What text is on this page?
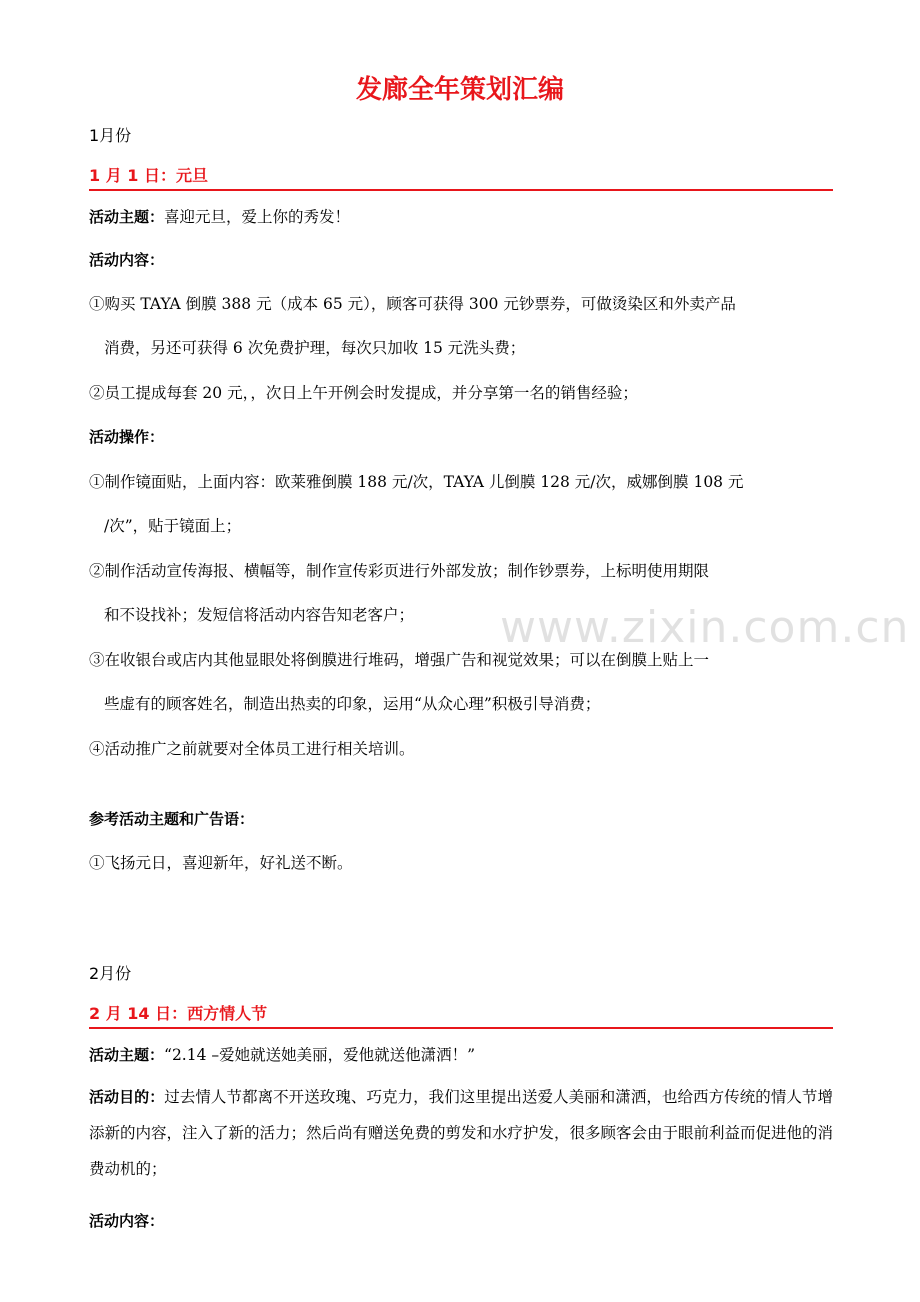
发廊全年策划汇编
1月份
1 月 1 日：元旦
活动主题：喜迎元旦，爱上你的秀发！
活动内容：
①购买 TAYA 倒膜 388 元（成本 65 元），顾客可获得 300 元钞票券，可做烫染区和外卖产品
消费，另还可获得 6 次免费护理，每次只加收 15 元洗头费；
②员工提成每套 20 元，，次日上午开例会时发提成，并分享第一名的销售经验；
活动操作：
①制作镜面贴，上面内容：欧莱雅倒膜 188 元/次，TAYA 儿倒膜 128 元/次，威娜倒膜 108 元
/次”，贴于镜面上；
②制作活动宣传海报、横幅等，制作宣传彩页进行外部发放；制作钞票券，上标明使用期限
和不设找补；发短信将活动内容告知老客户；
③在收银台或店内其他显眼处将倒膜进行堆码，增强广告和视觉效果；可以在倒膜上贴上一
些虚有的顾客姓名，制造出热卖的印象，运用“从众心理”积极引导消费；
④活动推广之前就要对全体员工进行相关培训。
参考活动主题和广告语：
①飞扬元日，喜迎新年，好礼送不断。
2月份
2 月 14 日：西方情人节
活动主题：“2.14 –爱她就送她美丽，爱他就送他潇洒！”
活动目的：过去情人节都离不开送玫瑰、巧克力，我们这里提出送爱人美丽和潇洒，也给西方传统的情人节增添新的内容，注入了新的活力；然后尚有赠送免费的剪发和水疗护发，很多顾客会由于眼前利益而促进他的消费动机的；
活动内容：
www.zixin.com.cn
